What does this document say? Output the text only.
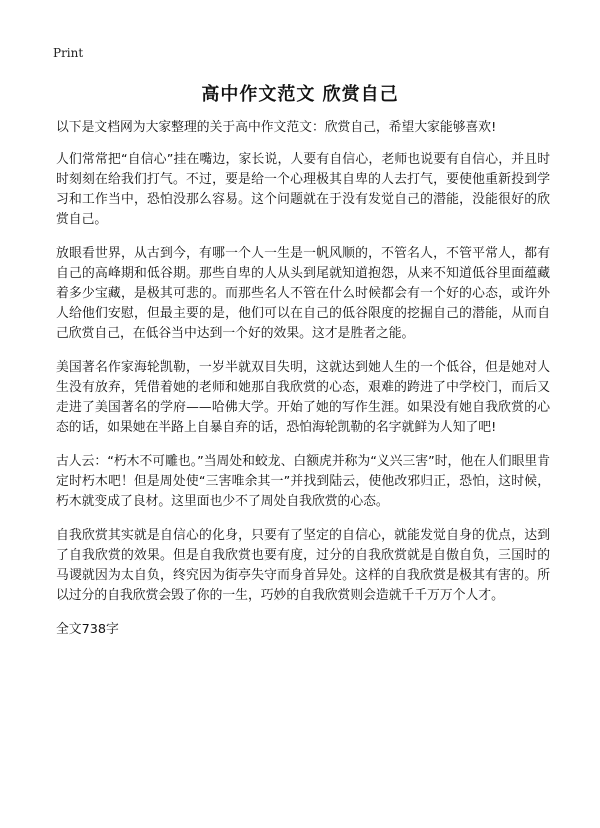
Print
高中作文范文 欣赏自己

以下是文档网为大家整理的关于高中作文范文：欣赏自己，希望大家能够喜欢!

人们常常把“自信心”挂在嘴边，家长说，人要有自信心，老师也说要有自信心，并且时时刻刻在给我们打气。不过，要是给一个心理极其自卑的人去打气，要使他重新投到学习和工作当中，恐怕没那么容易。这个问题就在于没有发觉自己的潜能，没能很好的欣赏自己。

放眼看世界，从古到今，有哪一个人一生是一帆风顺的，不管名人，不管平常人，都有自己的高峰期和低谷期。那些自卑的人从头到尾就知道抱怨，从来不知道低谷里面蕴藏着多少宝藏，是极其可悲的。而那些名人不管在什么时候都会有一个好的心态，或许外人给他们安慰，但最主要的是，他们可以在自己的低谷限度的挖掘自己的潜能，从而自己欣赏自己，在低谷当中达到一个好的效果。这才是胜者之能。

美国著名作家海轮凯勒，一岁半就双目失明，这就达到她人生的一个低谷，但是她对人生没有放弃，凭借着她的老师和她那自我欣赏的心态，艰难的跨进了中学校门，而后又走进了美国著名的学府——哈佛大学。开始了她的写作生涯。如果没有她自我欣赏的心态的话，如果她在半路上自暴自弃的话，恐怕海轮凯勒的名字就鲜为人知了吧!

古人云：“朽木不可雕也。”当周处和蛟龙、白额虎并称为“义兴三害”时，他在人们眼里肯定时朽木吧！但是周处使“三害唯余其一”并找到陆云，使他改邪归正，恐怕，这时候，朽木就变成了良材。这里面也少不了周处自我欣赏的心态。

自我欣赏其实就是自信心的化身，只要有了坚定的自信心，就能发觉自身的优点，达到了自我欣赏的效果。但是自我欣赏也要有度，过分的自我欣赏就是自傲自负，三国时的马谡就因为太自负，终究因为街亭失守而身首异处。这样的自我欣赏是极其有害的。所以过分的自我欣赏会毁了你的一生，巧妙的自我欣赏则会造就千千万万个人才。

全文738字
